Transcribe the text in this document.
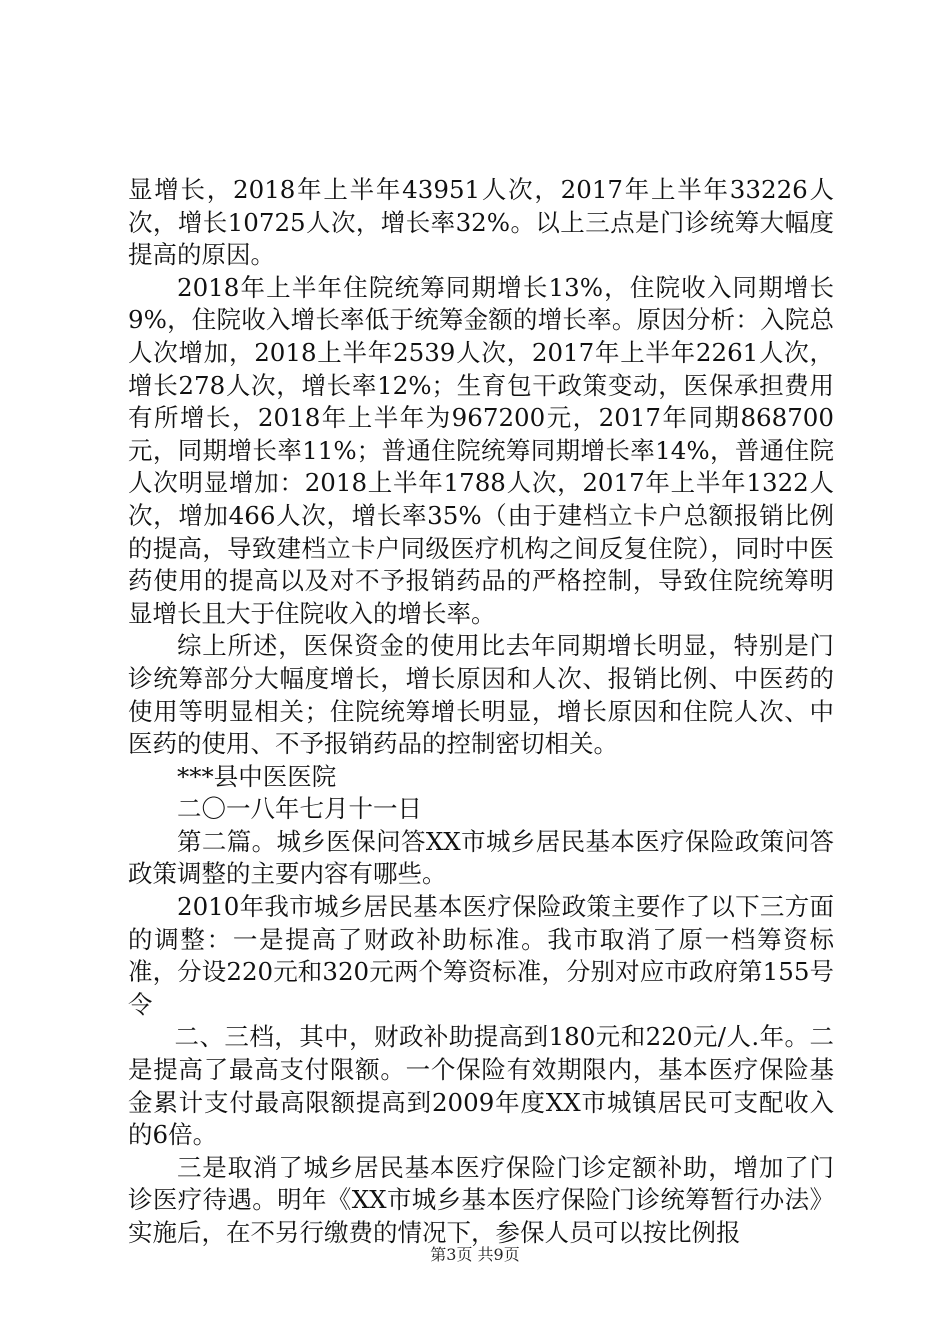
显增长，2018年上半年43951人次，2017年上半年33226人次，增长10725人次，增长率32%。以上三点是门诊统筹大幅度提高的原因。

2018年上半年住院统筹同期增长13%，住院收入同期增长9%，住院收入增长率低于统筹金额的增长率。原因分析：入院总人次增加，2018上半年2539人次，2017年上半年2261人次，增长278人次，增长率12%；生育包干政策变动，医保承担费用有所增长，2018年上半年为967200元，2017年同期868700元，同期增长率11%；普通住院统筹同期增长率14%，普通住院人次明显增加：2018上半年1788人次，2017年上半年1322人次，增加466人次，增长率35%（由于建档立卡户总额报销比例的提高，导致建档立卡户同级医疗机构之间反复住院），同时中医药使用的提高以及对不予报销药品的严格控制，导致住院统筹明显增长且大于住院收入的增长率。

综上所述，医保资金的使用比去年同期增长明显，特别是门诊统筹部分大幅度增长，增长原因和人次、报销比例、中医药的使用等明显相关；住院统筹增长明显，增长原因和住院人次、中医药的使用、不予报销药品的控制密切相关。

***县中医医院

二〇一八年七月十一日

第二篇。城乡医保问答XX市城乡居民基本医疗保险政策问答政策调整的主要内容有哪些。

2010年我市城乡居民基本医疗保险政策主要作了以下三方面的调整：一是提高了财政补助标准。我市取消了原一档筹资标准，分设220元和320元两个筹资标准，分别对应市政府第155号令

二、三档，其中，财政补助提高到180元和220元/人.年。二是提高了最高支付限额。一个保险有效期限内，基本医疗保险基金累计支付最高限额提高到2009年度XX市城镇居民可支配收入的6倍。

三是取消了城乡居民基本医疗保险门诊定额补助，增加了门诊医疗待遇。明年《XX市城乡基本医疗保险门诊统筹暂行办法》实施后，在不另行缴费的情况下，参保人员可以按比例报

第3页 共9页
